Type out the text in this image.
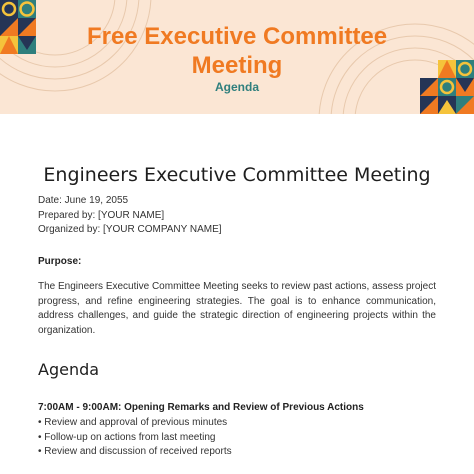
Free Executive Committee Meeting
Agenda
Engineers Executive Committee Meeting
Date: June 19, 2055
Prepared by: [YOUR NAME]
Organized by: [YOUR COMPANY NAME]
Purpose:
The Engineers Executive Committee Meeting seeks to review past actions, assess project progress, and refine engineering strategies. The goal is to enhance communication, address challenges, and guide the strategic direction of engineering projects within the organization.
Agenda
7:00AM - 9:00AM: Opening Remarks and Review of Previous Actions
• Review and approval of previous minutes
• Follow-up on actions from last meeting
• Review and discussion of received reports
